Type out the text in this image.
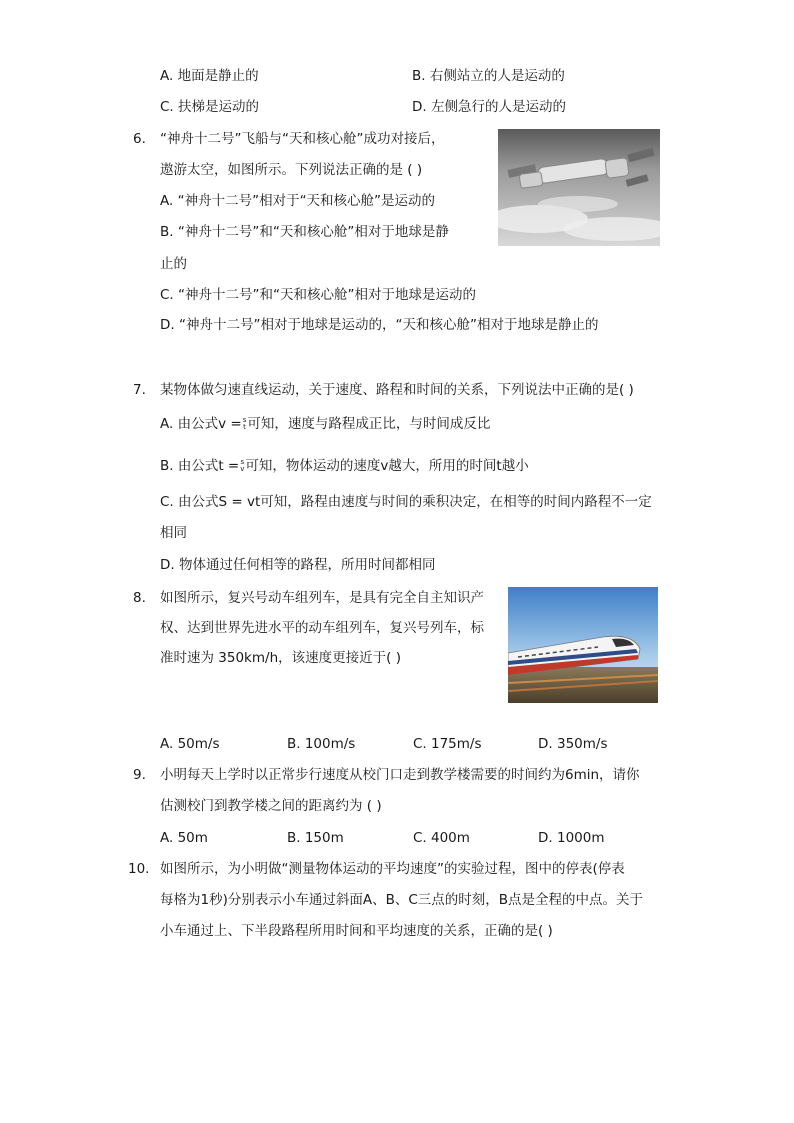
A. 地面是静止的	B. 右侧站立的人是运动的
C. 扶梯是运动的	D. 左侧急行的人是运动的
6. “神舟十二号”飞船与“天和核心舱”成功对接后，
遨游太空，如图所示。下列说法正确的是 ( )
A. “神舟十二号”相对于“天和核心舱”是运动的
B. “神舟十二号”和“天和核心舱”相对于地球是静
止的
C. “神舟十二号”和“天和核心舱”相对于地球是运动的
D. “神舟十二号”相对于地球是运动的，“天和核心舱”相对于地球是静止的
7. 某物体做匀速直线运动，关于速度、路程和时间的关系，下列说法中正确的是( )
A. 由公式v = s
t 可知，速度与路程成正比，与时间成反比
B. 由公式t = s
v 可知，物体运动的速度v越大，所用的时间t越小
C. 由公式S = vt可知，路程由速度与时间的乘积决定，在相等的时间内路程不一定
相同
D. 物体通过任何相等的路程，所用时间都相同
8. 如图所示，复兴号动车组列车，是具有完全自主知识产
权、达到世界先进水平的动车组列车，复兴号列车，标
准时速为 350km/h，该速度更接近于( )
A. 50m/s	B. 100m/s	C. 175m/s	D. 350m/s
9. 小明每天上学时以正常步行速度从校门口走到教学楼需要的时间约为6min，请你
估测校门到教学楼之间的距离约为 ( )
A. 50m	B. 150m	C. 400m	D. 1000m
10. 如图所示，为小明做“测量物体运动的平均速度”的实验过程，图中的停表(停表
每格为1秒)分别表示小车通过斜面A、B、C三点的时刻，B点是全程的中点。关于
小车通过上、下半段路程所用时间和平均速度的关系，正确的是( )
